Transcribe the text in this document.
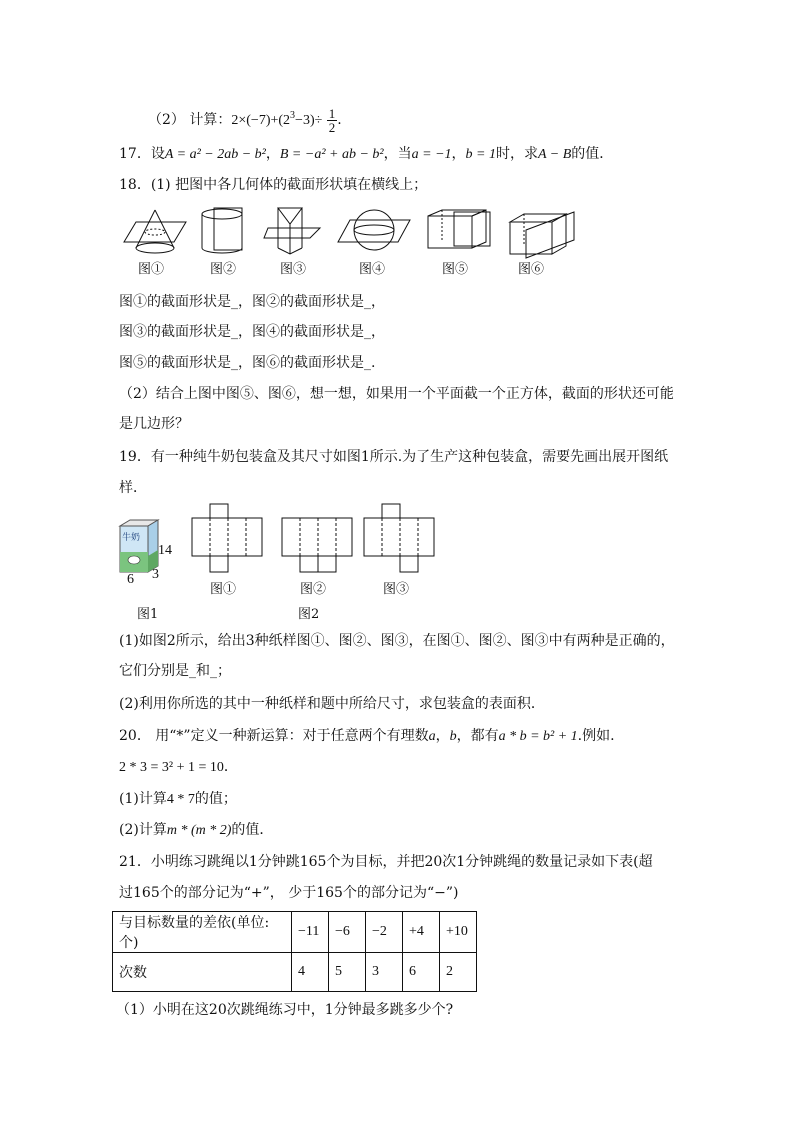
（2） 计算：$2\times(-7)+(2^3-3)\div \frac{1}{2}$ .
17．设A = a² − 2ab − b²，B = −a² + ab − b²，当a = −1，b = 1时，求A − B的值．
18．(1) 把图中各几何体的截面形状填在横线上；
图①	图②	图③	图④	图⑤	图⑥
图①的截面形状是_，图②的截面形状是_，
图③的截面形状是_，图④的截面形状是_，
图⑤的截面形状是_，图⑥的截面形状是_.
（2）结合上图中图⑤、图⑥，想一想，如果用一个平面截一个正方体，截面的形状还可能
是几边形？
19．有一种纯牛奶包装盒及其尺寸如图1所示.为了生产这种包装盒，需要先画出展开图纸
样．
牛奶
14
6 3
图1
图①	图②	图③
图2
(1)如图2所示，给出3种纸样图①、图②、图③，在图①、图②、图③中有两种是正确的，
它们分别是_和_；
(2)利用你所选的其中一种纸样和题中所给尺寸，求包装盒的表面积．
20． 用“*”定义一种新运算：对于任意两个有理数a，b，都有a * b = b² + 1.例如.
2 * 3 = 3² + 1 = 10．
(1)计算4 * 7的值；
(2)计算m * (m * 2)的值．
21．小明练习跳绳以1分钟跳165个为目标，并把20次1分钟跳绳的数量记录如下表(超
过165个的部分记为“+”， 少于165个的部分记为“−”)
与目标数量的差依(单位:个)	−11	−6	−2	+4	+10
次数	4	5	3	6	2
（1）小明在这20次跳绳练习中，1分钟最多跳多少个?
